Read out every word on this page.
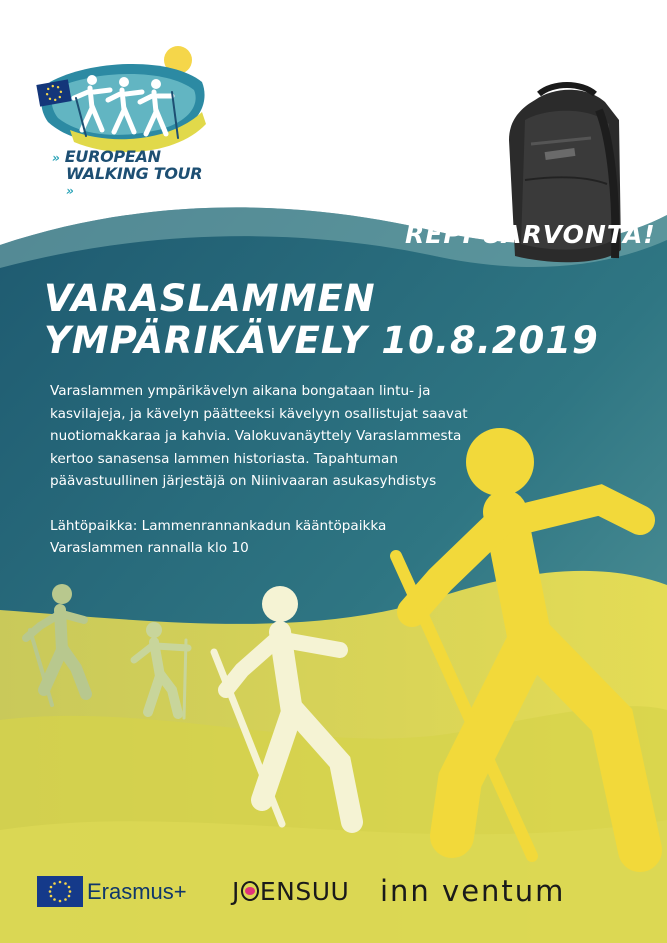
» EUROPEAN
WALKING TOUR »
REPPUARVONTA!
VARASLAMMEN
YMPÄRIKÄVELY 10.8.2019

Varaslammen ympärikävelyn aikana bongataan lintu- ja kasvilajeja, ja kävelyn päätteeksi kävelyyn osallistujat saavat nuotiomakkaraa ja kahvia. Valokuvanäyttely Varaslammesta kertoo sanasensa lammen historiasta. Tapahtuman päävastuullinen järjestäjä on Niinivaaran asukasyhdistys

Lähtöpaikka: Lammenrannankadun kääntöpaikka Varaslammen rannalla klo 10

Erasmus+ J ENSUU inn ventum
